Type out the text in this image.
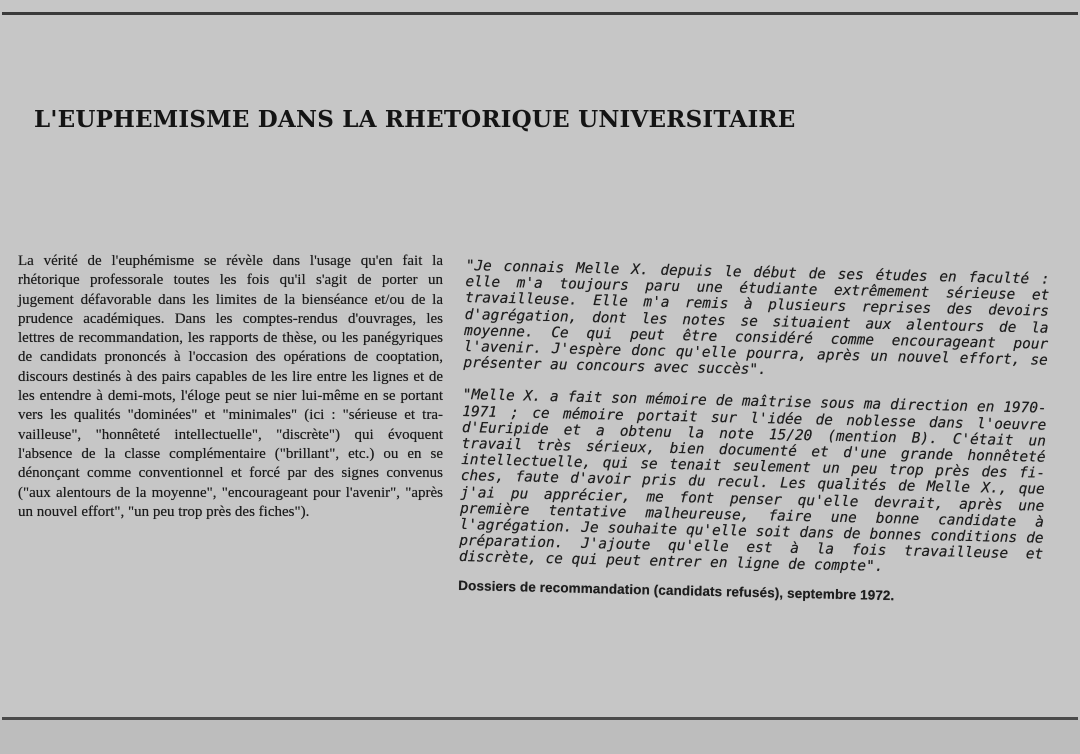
L'EUPHEMISME DANS LA RHETORIQUE UNIVERSITAIRE
La vérité de l'euphémisme se révèle dans l'usage qu'en fait la rhétorique professorale toutes les fois qu'il s'agit de porter un jugement défavorable dans les limites de la bienséance et/ou de la prudence académiques. Dans les comptes-rendus d'ouvrages, les lettres de recommandation, les rapports de thèse, ou les panégyriques de candidats prononcés à l'occasion des opérations de cooptation, discours destinés à des pairs capables de les lire entre les lignes et de les entendre à demi-mots, l'éloge peut se nier lui-même en se portant vers les qualités "dominées" et "minimales" (ici : "sérieuse et travailleuse", "honnêteté intellectuelle", "discrète") qui évoquent l'absence de la classe complémentaire ("brillant", etc.) ou en se dénonçant comme conventionnel et forcé par des signes convenus ("aux alentours de la moyenne", "encourageant pour l'avenir", "après un nouvel effort", "un peu trop près des fiches").

"Je connais Melle X. depuis le début de ses études en faculté : elle m'a toujours paru une étudiante extrêmement sérieuse et travailleuse. Elle m'a remis à plusieurs reprises des devoirs d'agrégation, dont les notes se situaient aux alentours de la moyenne. Ce qui peut être considéré comme encourageant pour l'avenir. J'espère donc qu'elle pourra, après un nouvel effort, se présenter au concours avec succès".

"Melle X. a fait son mémoire de maîtrise sous ma direction en 1970-1971 ; ce mémoire portait sur l'idée de noblesse dans l'oeuvre d'Euripide et a obtenu la note 15/20 (mention B). C'était un travail très sérieux, bien documenté et d'une grande honnêteté intellectuelle, qui se tenait seulement un peu trop près des fiches, faute d'avoir pris du recul. Les qualités de Melle X., que j'ai pu apprécier, me font penser qu'elle devrait, après une première tentative malheureuse, faire une bonne candidate à l'agrégation. Je souhaite qu'elle soit dans de bonnes conditions de préparation. J'ajoute qu'elle est à la fois travailleuse et discrète, ce qui peut entrer en ligne de compte".

Dossiers de recommandation (candidats refusés), septembre 1972.
